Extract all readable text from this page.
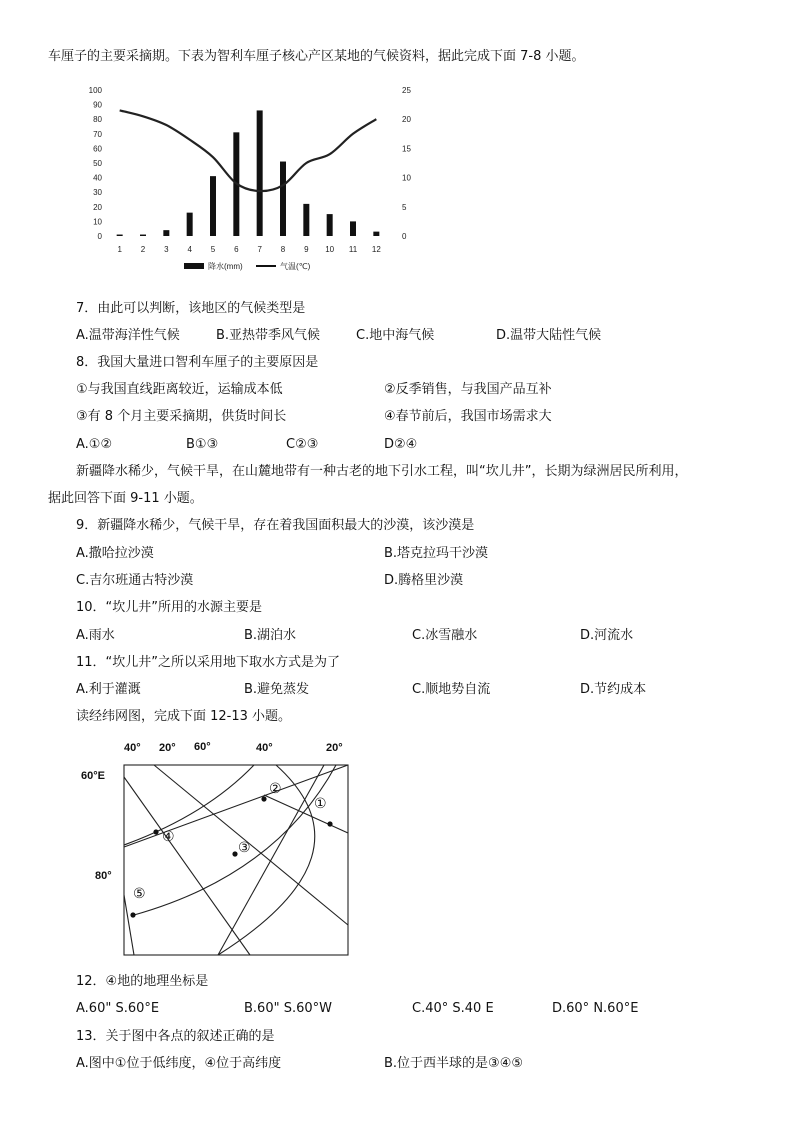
车厘子的主要采摘期。下表为智利车厘子核心产区某地的气候资料，据此完成下面 7-8 小题。
0
10
20
30
40
50
60
70
80
90
100
0
5
10
15
20
25
1 2 3 4 5 6 7 8 9 10 11 12
降水(mm)	气温(℃)
7．由此可以判断，该地区的气候类型是
A.温带海洋性气候	B.亚热带季风气候	C.地中海气候	D.温带大陆性气候
8．我国大量进口智利车厘子的主要原因是
①与我国直线距离较近，运输成本低	②反季销售，与我国产品互补
③有 8 个月主要采摘期，供货时间长	④春节前后，我国市场需求大
A.①②	B①③	C②③	D②④
新疆降水稀少，气候干旱，在山麓地带有一种古老的地下引水工程，叫“坎儿井”，长期为绿洲居民所利用，
据此回答下面 9-11 小题。
9．新疆降水稀少，气候干旱，存在着我国面积最大的沙漠，该沙漠是
A.撒哈拉沙漠	B.塔克拉玛干沙漠
C.吉尔班通古特沙漠	D.腾格里沙漠
10．“坎儿井”所用的水源主要是
A.雨水	B.湖泊水	C.冰雪融水	D.河流水
11．“坎儿井”之所以采用地下取水方式是为了
A.利于灌溉	B.避免蒸发	C.顺地势自流	D.节约成本
读经纬网图，完成下面 12-13 小题。
40° 20° 60°	40°	20°
60°E
80°
①
②
③
④
⑤
12．④地的地理坐标是
A.60" S.60°E	B.60" S.60°W	C.40° S.40 E	D.60° N.60°E
13．关于图中各点的叙述正确的是
A.图中①位于低纬度，④位于高纬度	B.位于西半球的是③④⑤
